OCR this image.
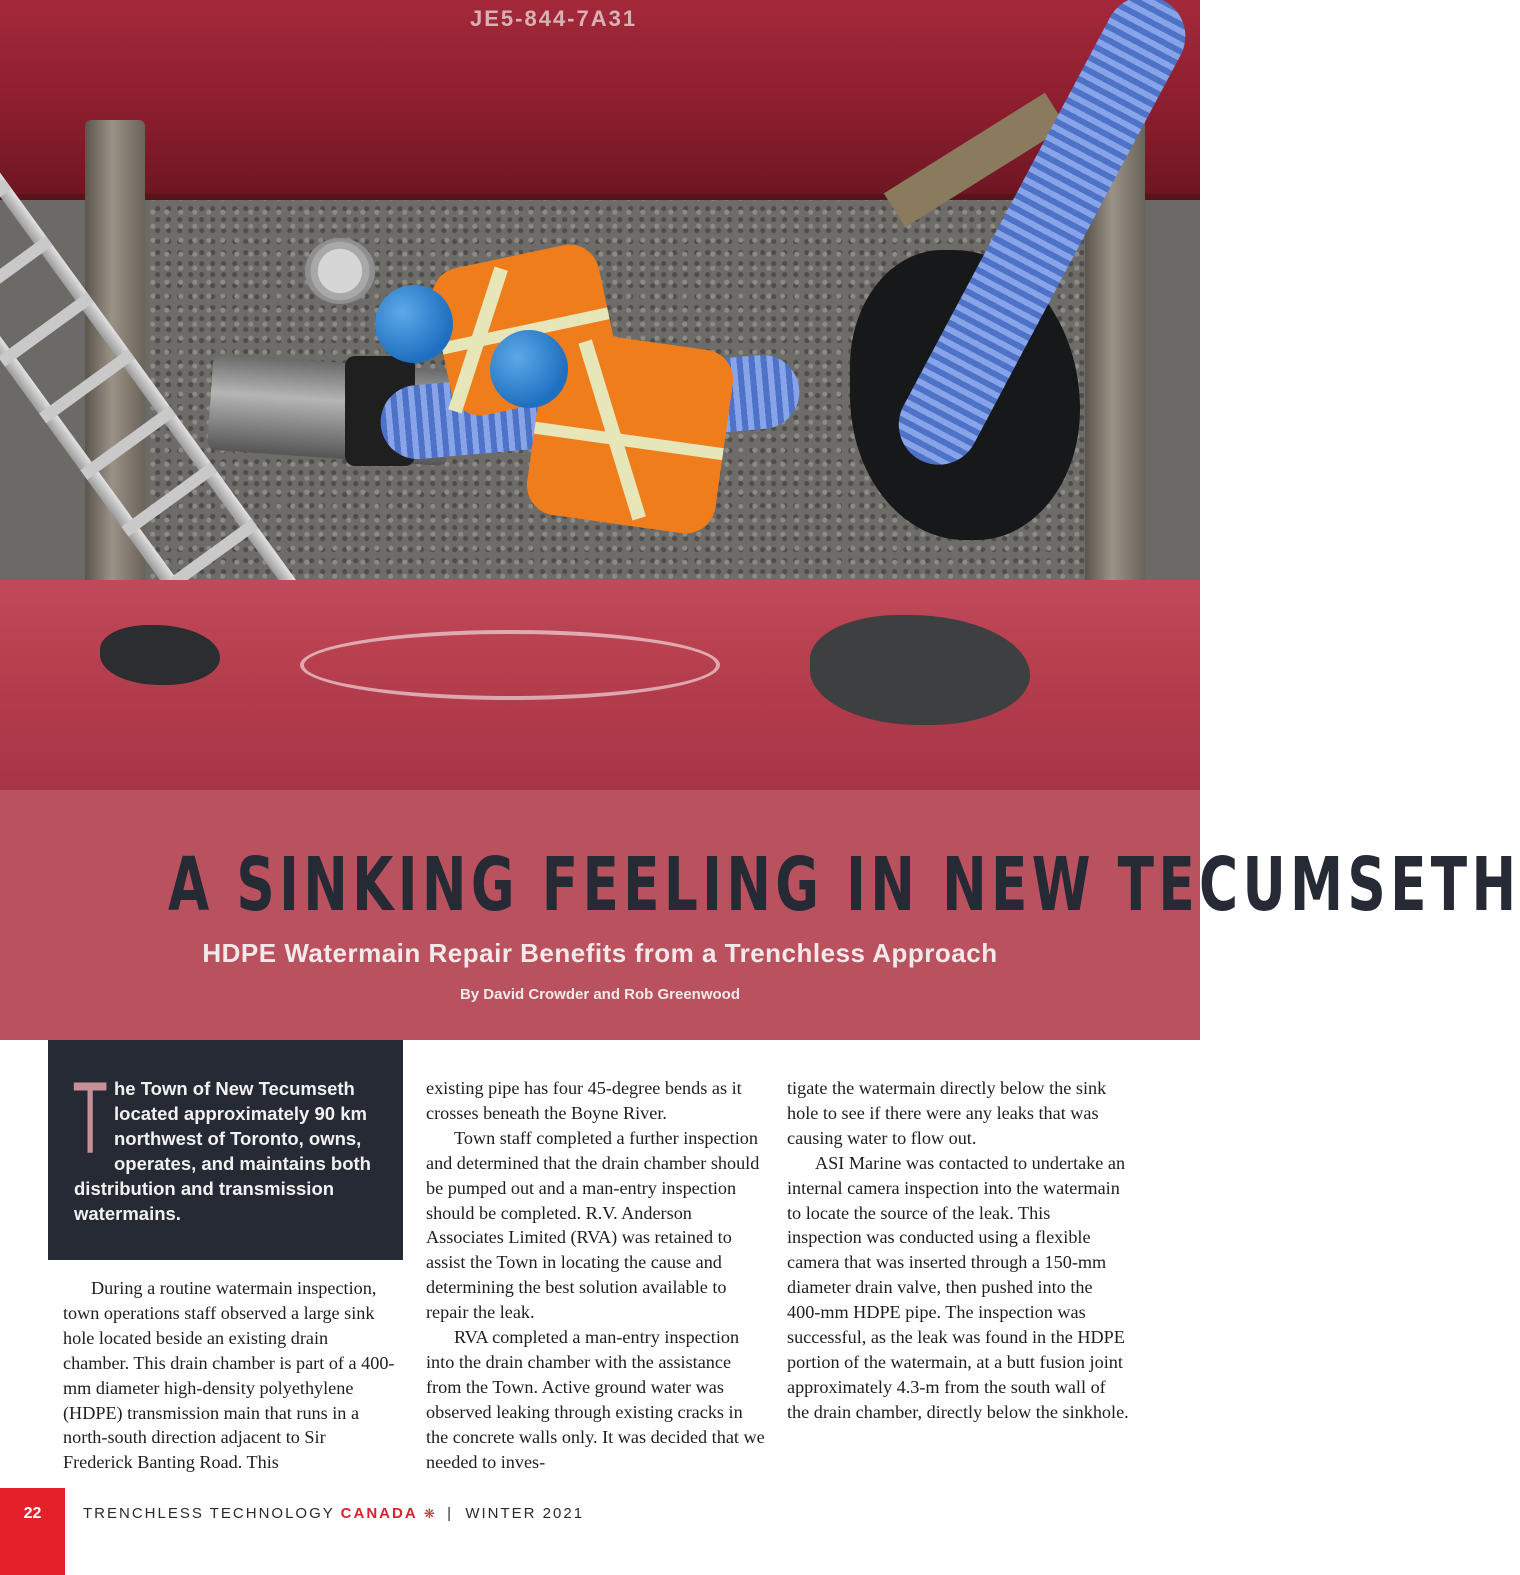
JE5-844-7A31
A SINKING FEELING IN NEW TECUMSETH
HDPE Watermain Repair Benefits from a Trenchless Approach
By David Crowder and Rob Greenwood
T he Town of New Tecumseth located approximately 90 km northwest of Toronto, owns, operates, and maintains both distribution and transmission watermains.

During a routine watermain inspection, town operations staff observed a large sink hole located beside an existing drain chamber. This drain chamber is part of a 400-mm diameter high-density polyethylene (HDPE) transmission main that runs in a north-south direction adjacent to Sir Frederick Banting Road. This

existing pipe has four 45-degree bends as it crosses beneath the Boyne River.

Town staff completed a further inspection and determined that the drain chamber should be pumped out and a man-entry inspection should be completed. R.V. Anderson Associates Limited (RVA) was retained to assist the Town in locating the cause and determining the best solution available to repair the leak.

RVA completed a man-entry inspection into the drain chamber with the assistance from the Town. Active ground water was observed leaking through existing cracks in the concrete walls only. It was decided that we needed to inves-

tigate the watermain directly below the sink hole to see if there were any leaks that was causing water to flow out.

ASI Marine was contacted to undertake an internal camera inspection into the watermain to locate the source of the leak. This inspection was conducted using a flexible camera that was inserted through a 150-mm diameter drain valve, then pushed into the 400-mm HDPE pipe. The inspection was successful, as the leak was found in the HDPE portion of the watermain, at a butt fusion joint approximately 4.3-m from the south wall of the drain chamber, directly below the sinkhole.

22	TRENCHLESS TECHNOLOGY CANADA ❋ | WINTER 2021
